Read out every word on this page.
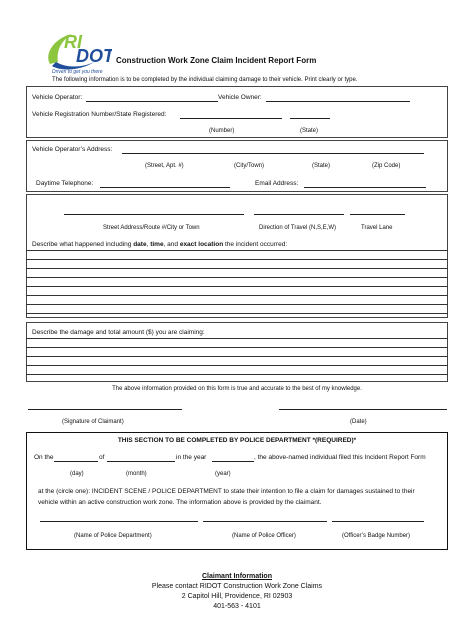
RI
DOT
Driven to get you there
Construction Work Zone Claim Incident Report Form
The following information is to be completed by the individual claiming damage to their vehicle. Print clearly or type.
Vehicle Operator:	Vehicle Owner:
Vehicle Registration Number/State Registered:
(Number)	(State)
Vehicle Operator’s Address:
(Street, Apt. #)	(City/Town)	(State)	(Zip Code)
Daytime Telephone:	Email Address:
Street Address/Route #/City or Town	Direction of Travel (N,S,E,W)	Travel Lane
Describe what happened including date, time, and exact location the incident occurred:
Describe the damage and total amount ($) you are claiming:
The above information provided on this form is true and accurate to the best of my knowledge.
(Signature of Claimant)	(Date)
THIS SECTION TO BE COMPLETED BY POLICE DEPARTMENT *(REQUIRED)*
On the	of	in the year	, the above-named individual filed this Incident Report Form
(day)	(month)	(year)
at the (circle one): INCIDENT SCENE / POLICE DEPARTMENT to state their intention to file a claim for damages sustained to their
vehicle within an active construction work zone. The information above is provided by the claimant.
(Name of Police Department)	(Name of Police Officer)	(Officer’s Badge Number)
Claimant Information
Please contact RIDOT Construction Work Zone Claims
2 Capitol Hill, Providence, RI 02903
401-563 - 4101
